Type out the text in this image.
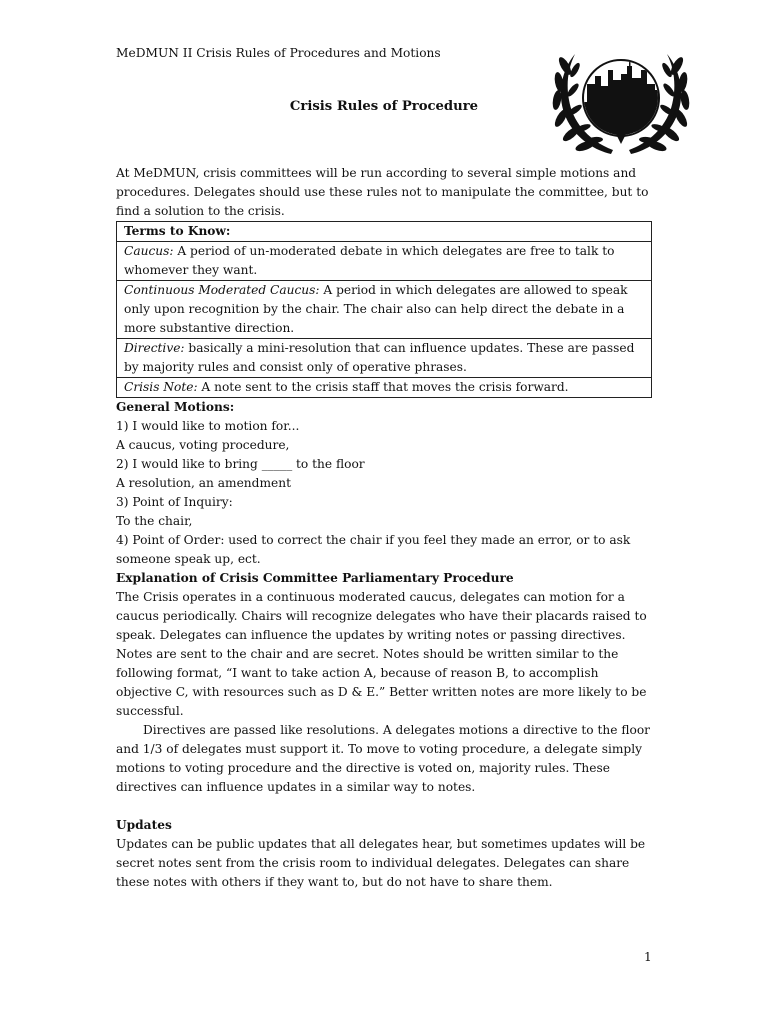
MeDMUN II Crisis Rules of Procedures and Motions
Crisis Rules of Procedure

At MeDMUN, crisis committees will be run according to several simple motions and procedures. Delegates should use these rules not to manipulate the committee, but to find a solution to the crisis.

Terms to Know:
Caucus: A period of un-moderated debate in which delegates are free to talk to whomever they want.
Continuous Moderated Caucus: A period in which delegates are allowed to speak only upon recognition by the chair. The chair also can help direct the debate in a more substantive direction.
Directive: basically a mini-resolution that can influence updates. These are passed by majority rules and consist only of operative phrases.
Crisis Note: A note sent to the crisis staff that moves the crisis forward.

General Motions:

1) I would like to motion for...

A caucus, voting procedure,

2) I would like to bring _____ to the floor

A resolution, an amendment

3) Point of Inquiry:

To the chair,

4) Point of Order: used to correct the chair if you feel they made an error, or to ask someone speak up, ect.

Explanation of Crisis Committee Parliamentary Procedure

The Crisis operates in a continuous moderated caucus, delegates can motion for a caucus periodically. Chairs will recognize delegates who have their placards raised to speak. Delegates can influence the updates by writing notes or passing directives. Notes are sent to the chair and are secret. Notes should be written similar to the following format, “I want to take action A, because of reason B, to accomplish objective C, with resources such as D & E.” Better written notes are more likely to be successful.

Directives are passed like resolutions. A delegates motions a directive to the floor and 1/3 of delegates must support it. To move to voting procedure, a delegate simply motions to voting procedure and the directive is voted on, majority rules. These directives can influence updates in a similar way to notes.

Updates

Updates can be public updates that all delegates hear, but sometimes updates will be secret notes sent from the crisis room to individual delegates. Delegates can share these notes with others if they want to, but do not have to share them.

1
